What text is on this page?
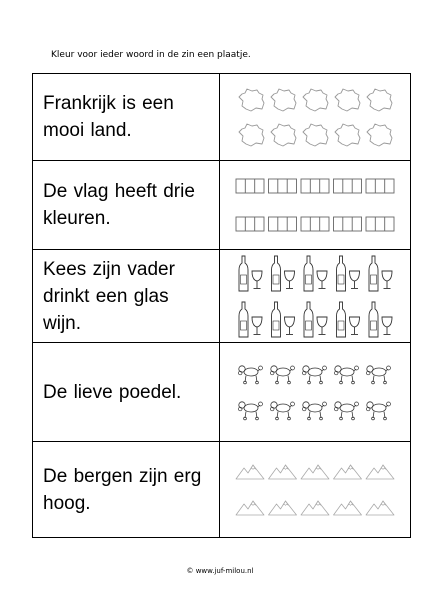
Kleur voor ieder woord in de zin een plaatje.
Frankrijk is een
mooi land.

De vlag heeft drie
kleuren.

Kees zijn vader
drinkt een glas
wijn.

De lieve poedel.

De bergen zijn erg
hoog.

© www.juf-milou.nl
